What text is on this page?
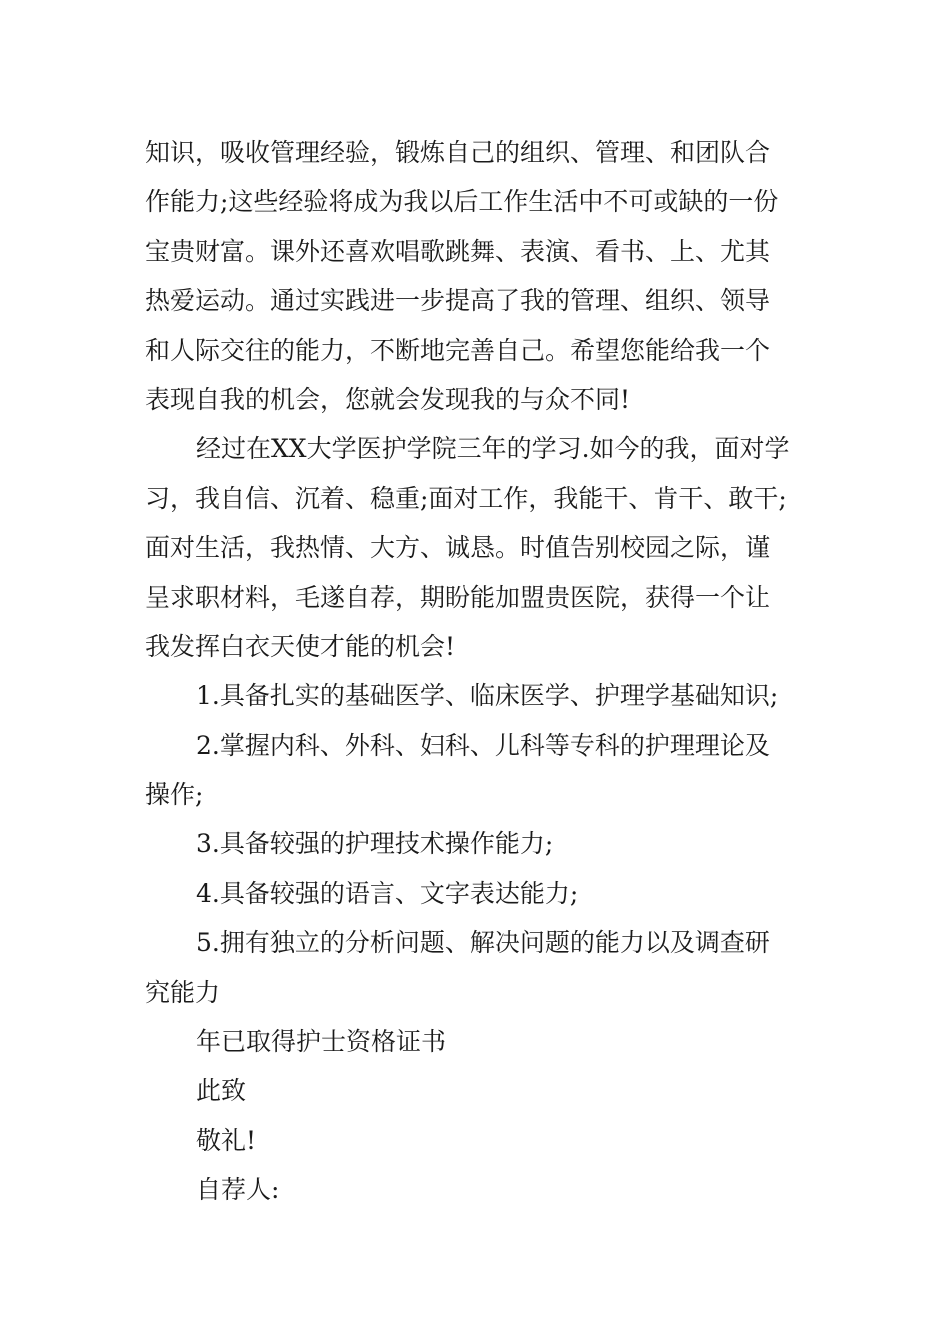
知识，吸收管理经验，锻炼自己的组织、管理、和团队合
作能力;这些经验将成为我以后工作生活中不可或缺的一份
宝贵财富。课外还喜欢唱歌跳舞、表演、看书、上、尤其
热爱运动。通过实践进一步提高了我的管理、组织、领导
和人际交往的能力，不断地完善自己。希望您能给我一个
表现自我的机会，您就会发现我的与众不同!
经过在XX大学医护学院三年的学习.如今的我，面对学
习，我自信、沉着、稳重;面对工作，我能干、肯干、敢干;
面对生活，我热情、大方、诚恳。时值告别校园之际，谨
呈求职材料，毛遂自荐，期盼能加盟贵医院，获得一个让
我发挥白衣天使才能的机会!
1.具备扎实的基础医学、临床医学、护理学基础知识;
2.掌握内科、外科、妇科、儿科等专科的护理理论及
操作;
3.具备较强的护理技术操作能力;
4.具备较强的语言、文字表达能力;
5.拥有独立的分析问题、解决问题的能力以及调查研
究能力
年已取得护士资格证书
此致
敬礼!
自荐人:
